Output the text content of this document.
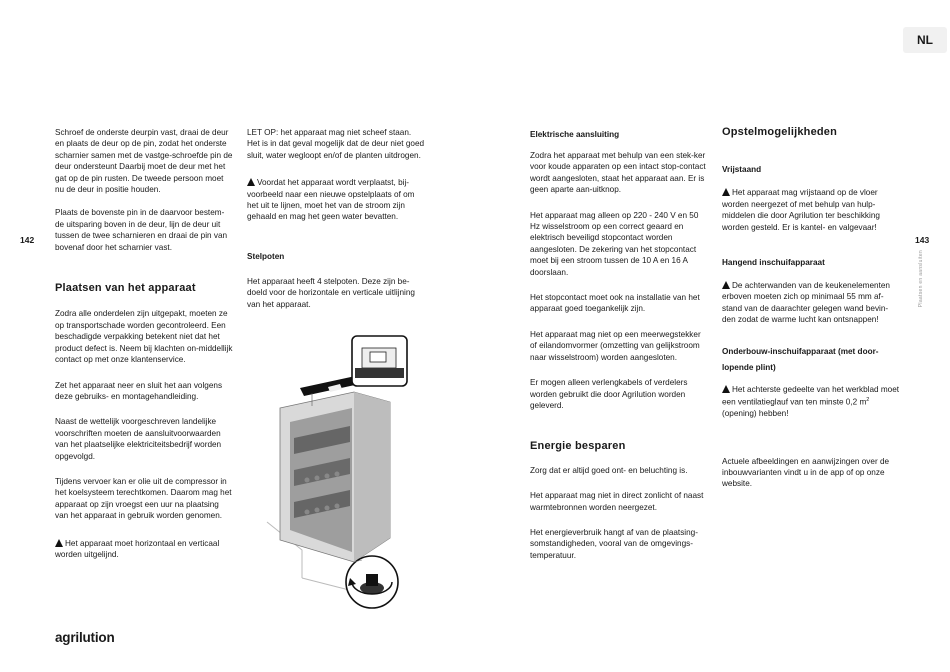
NL
142	143
Plaatsen en aansluiten

Schroef de onderste deurpin vast, draai de deur en plaats de deur op de pin, zodat het onderste scharnier samen met de vastge-schroefde pin de deur ondersteunt Daarbij moet de deur met het gat op de pin rusten. De tweede persoon moet nu de deur in positie houden.

Plaats de bovenste pin in de daarvoor bestem-de uitsparing boven in de deur, lijn de deur uit tussen de twee scharnieren en draai de pin van bovenaf door het scharnier vast.

Plaatsen van het apparaat

Zodra alle onderdelen zijn uitgepakt, moeten ze op transportschade worden gecontroleerd. Een beschadigde verpakking betekent niet dat het product defect is. Neem bij klachten on-middellijk contact op met onze klantenservice.

Zet het apparaat neer en sluit het aan volgens deze gebruiks- en montagehandleiding.

Naast de wettelijk voorgeschreven landelijke voorschriften moeten de aansluitvoorwaarden van het plaatselijke elektriciteitsbedrijf worden opgevolgd.

Tijdens vervoer kan er olie uit de compressor in het koelsysteem terechtkomen. Daarom mag het apparaat op zijn vroegst een uur na plaatsing van het apparaat in gebruik worden genomen.

Het apparaat moet horizontaal en verticaal worden uitgelijnd.

LET OP: het apparaat mag niet scheef staan. Het is in dat geval mogelijk dat de deur niet goed sluit, water wegloopt en/of de planten uitdrogen.

Voordat het apparaat wordt verplaatst, bij-voorbeeld naar een nieuwe opstelplaats of om het uit te lijnen, moet het van de stroom zijn gehaald en mag het geen water bevatten.

Stelpoten

Het apparaat heeft 4 stelpoten. Deze zijn be-doeld voor de horizontale en verticale uitlijning van het apparaat.

Elektrische aansluiting

Zodra het apparaat met behulp van een stek-ker voor koude apparaten op een intact stop-contact wordt aangesloten, staat het apparaat aan. Er is geen aparte aan-uitknop.

Het apparaat mag alleen op 220 - 240 V en 50 Hz wisselstroom op een correct geaard en elektrisch beveiligd stopcontact worden aangesloten. De zekering van het stopcontact moet bij een stroom tussen de 10 A en 16 A doorslaan.

Het stopcontact moet ook na installatie van het apparaat goed toegankelijk zijn.

Het apparaat mag niet op een meerwegstekker of eilandomvormer (omzetting van gelijkstroom naar wisselstroom) worden aangesloten.

Er mogen alleen verlengkabels of verdelers worden gebruikt die door Agrilution worden geleverd.

Energie besparen

Zorg dat er altijd goed ont- en beluchting is.

Het apparaat mag niet in direct zonlicht of naast warmtebronnen worden neergezet.

Het energieverbruik hangt af van de plaatsing-somstandigheden, vooral van de omgevings-temperatuur.

Opstelmogelijkheden
Vrijstaand

Het apparaat mag vrijstaand op de vloer worden neergezet of met behulp van hulp-middelen die door Agrilution ter beschikking worden gesteld. Er is kantel- en valgevaar!

Hangend inschuifapparaat

De achterwanden van de keukenelementen erboven moeten zich op minimaal 55 mm af-stand van de daarachter gelegen wand bevin-den zodat de warme lucht kan ontsnappen!

Onderbouw-inschuifapparaat (met door-lopende plint)

Het achterste gedeelte van het werkblad moet een ventilatieglauf van ten minste 0,2 $m^2$ (opening) hebben!

Actuele afbeeldingen en aanwijzingen over de inbouwvarianten vindt u in de app of op onze website.

agrilution
